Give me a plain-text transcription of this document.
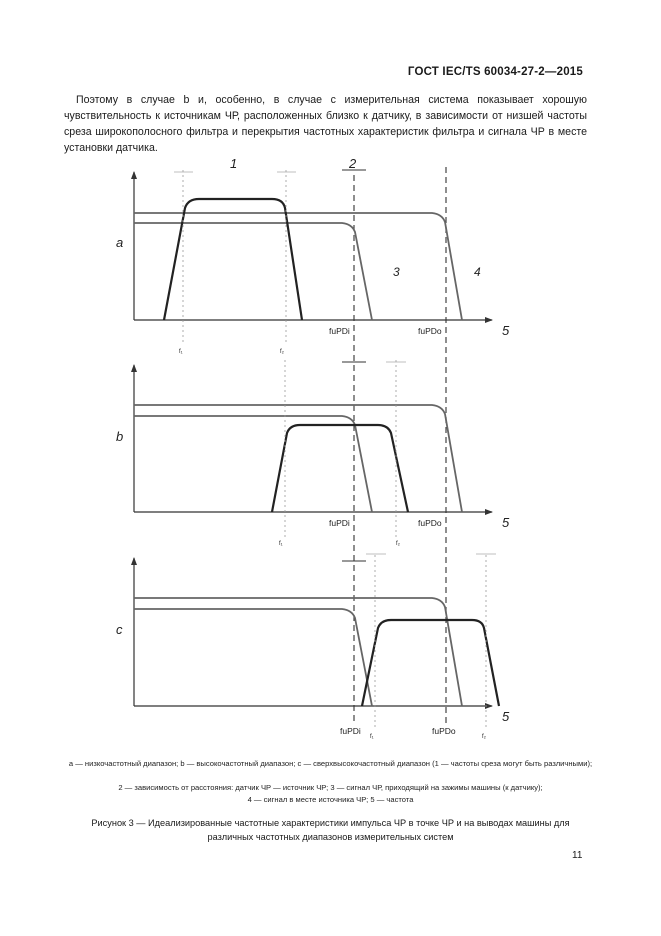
ГОСТ IEC/TS 60034-27-2—2015

Поэтому в случае b и, особенно, в случае с измерительная система показывает хорошую чувствительность к источникам ЧР, расположенных близко к датчику, в зависимости от низшей частоты среза широкополосного фильтра и перекрытия частотных характеристик фильтра и сигнала ЧР в месте установки датчика.

1	2
3	4
a
5
f₁	f₂
fuPDi	fuPDo
b
5
f₁	f₂
fuPDi	fuPDo
c
5
f₁	f₂
fuPDi	fuPDo

a — низкочастотный диапазон; b — высокочастотный диапазон; c — сверхвысокочастотный диапазон (1 — частоты среза могут быть различными);

2 — зависимость от расстояния: датчик ЧР — источник ЧР; 3 — сигнал ЧР, приходящий на зажимы машины (к датчику);

4 — сигнал в месте источника ЧР; 5 — частота

Рисунок 3 — Идеализированные частотные характеристики импульса ЧР в точке ЧР и на выводах машины для различных частотных диапазонов измерительных систем

11
